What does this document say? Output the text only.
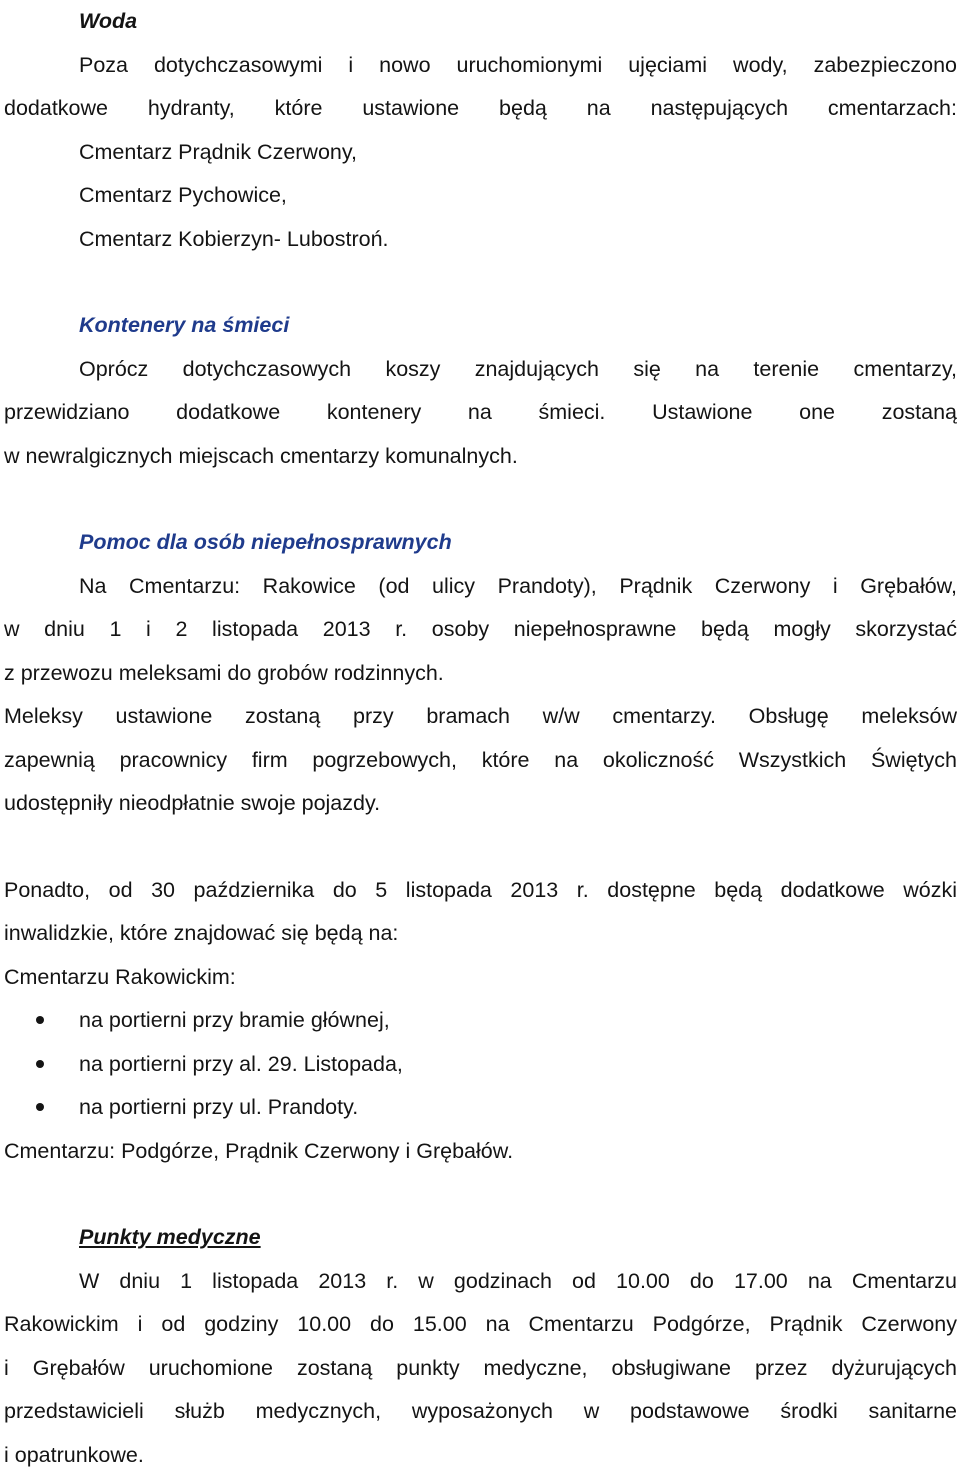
Woda
Poza dotychczasowymi i nowo uruchomionymi ujęciami wody, zabezpieczono
dodatkowe hydranty, które ustawione będą na następujących cmentarzach:
Cmentarz Prądnik Czerwony,
Cmentarz Pychowice,
Cmentarz Kobierzyn- Lubostroń.
Kontenery na śmieci
Oprócz dotychczasowych koszy znajdujących się na terenie cmentarzy,
przewidziano dodatkowe kontenery na śmieci. Ustawione one zostaną
w newralgicznych miejscach cmentarzy komunalnych.
Pomoc dla osób niepełnosprawnych
Na Cmentarzu: Rakowice (od ulicy Prandoty), Prądnik Czerwony i Grębałów,
w dniu 1 i 2 listopada 2013 r. osoby niepełnosprawne będą mogły skorzystać
z przewozu meleksami do grobów rodzinnych.
Meleksy ustawione zostaną przy bramach w/w cmentarzy. Obsługę meleksów
zapewnią pracownicy firm pogrzebowych, które na okoliczność Wszystkich Świętych
udostępniły nieodpłatnie swoje pojazdy.
Ponadto, od 30 października do 5 listopada 2013 r. dostępne będą dodatkowe wózki
inwalidzkie, które znajdować się będą na:
Cmentarzu Rakowickim:
na portierni przy bramie głównej,
na portierni przy al. 29. Listopada,
na portierni przy ul. Prandoty.
Cmentarzu: Podgórze, Prądnik Czerwony i Grębałów.
Punkty medyczne
W dniu 1 listopada 2013 r. w godzinach od 10.00 do 17.00 na Cmentarzu
Rakowickim i od godziny 10.00 do 15.00 na Cmentarzu Podgórze, Prądnik Czerwony
i Grębałów uruchomione zostaną punkty medyczne, obsługiwane przez dyżurujących
przedstawicieli służb medycznych, wyposażonych w podstawowe środki sanitarne
i opatrunkowe.
